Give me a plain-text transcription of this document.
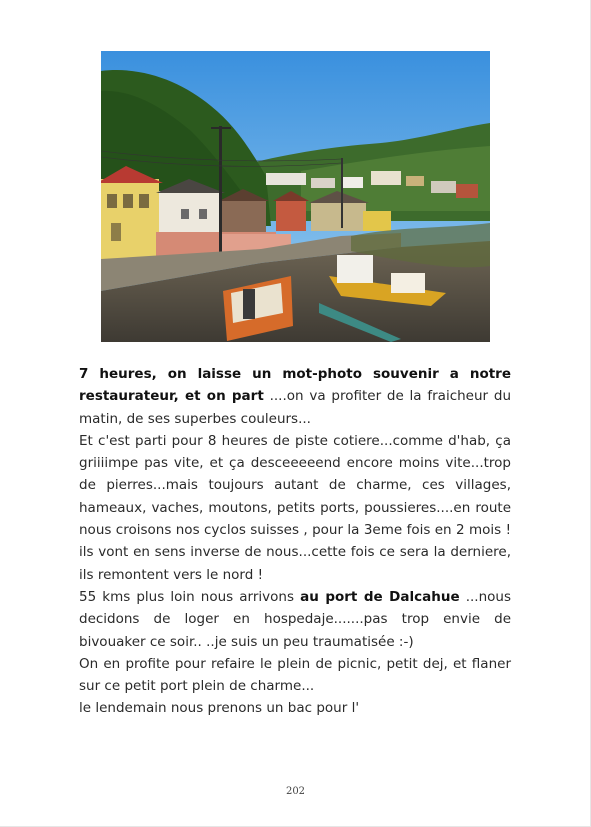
7 heures, on laisse un mot-photo souvenir a notre restaurateur, et on part ....on va profiter de la fraicheur du matin, de ses superbes couleurs...

Et c'est parti pour 8 heures de piste cotiere...comme d'hab, ça griiiimpe pas vite, et ça desceeeeend encore moins vite...trop de pierres...mais toujours autant de charme, ces villages, hameaux, vaches, moutons, petits ports, poussieres....en route nous croisons nos cyclos suisses , pour la 3eme fois en 2 mois ! ils vont en sens inverse de nous...cette fois ce sera la derniere, ils remontent vers le nord !

55 kms plus loin nous arrivons au port de Dalcahue ...nous decidons de loger en hospedaje.......pas trop envie de bivouaker ce soir.. ..je suis un peu traumatisée :-)

On en profite pour refaire le plein de picnic, petit dej, et flaner sur ce petit port plein de charme...

le lendemain nous prenons un bac pour l'

202
